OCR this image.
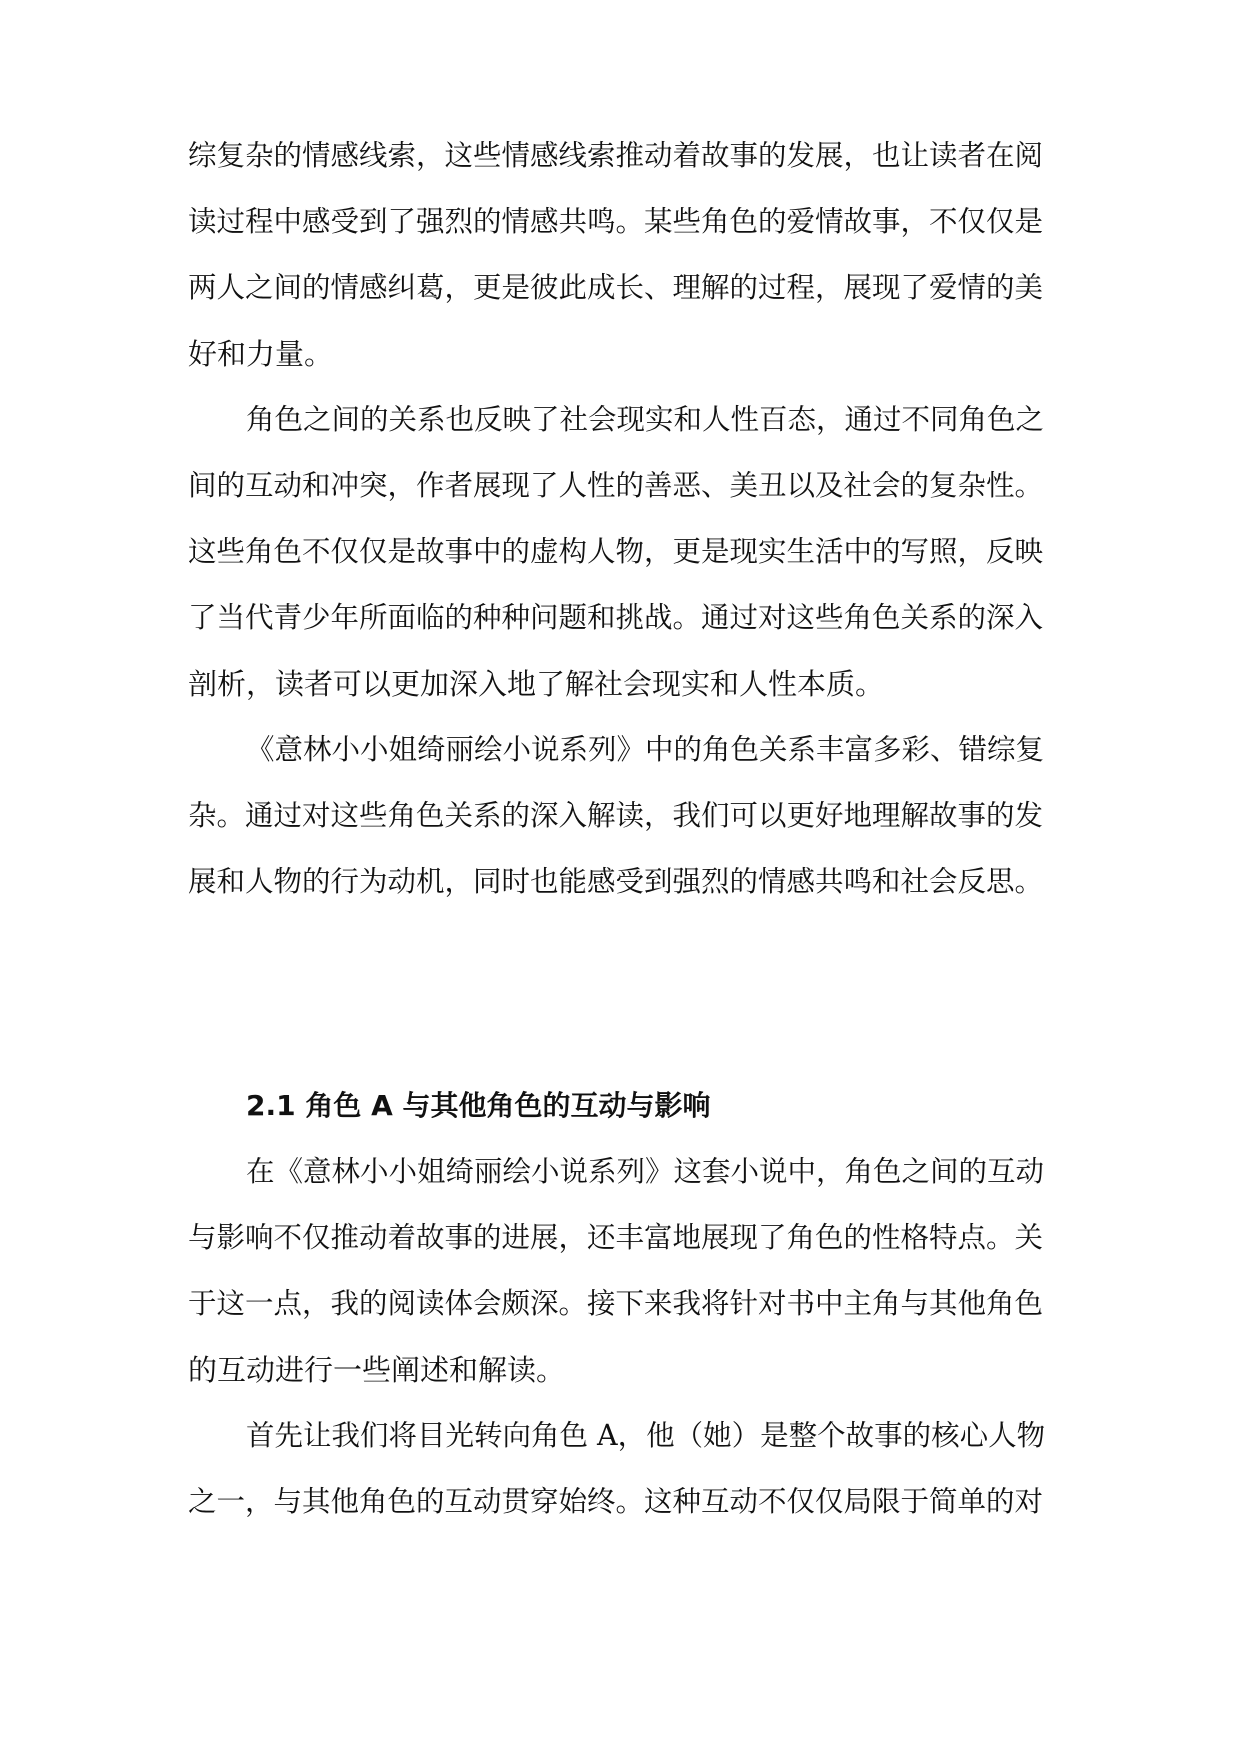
综复杂的情感线索，这些情感线索推动着故事的发展，也让读者在阅
读过程中感受到了强烈的情感共鸣。某些角色的爱情故事，不仅仅是
两人之间的情感纠葛，更是彼此成长、理解的过程，展现了爱情的美
好和力量。
角色之间的关系也反映了社会现实和人性百态，通过不同角色之
间的互动和冲突，作者展现了人性的善恶、美丑以及社会的复杂性。
这些角色不仅仅是故事中的虚构人物，更是现实生活中的写照，反映
了当代青少年所面临的种种问题和挑战。通过对这些角色关系的深入
剖析，读者可以更加深入地了解社会现实和人性本质。
《意林小小姐绮丽绘小说系列》中的角色关系丰富多彩、错综复
杂。通过对这些角色关系的深入解读，我们可以更好地理解故事的发
展和人物的行为动机，同时也能感受到强烈的情感共鸣和社会反思。
2.1 角色 A 与其他角色的互动与影响
在《意林小小姐绮丽绘小说系列》这套小说中，角色之间的互动
与影响不仅推动着故事的进展，还丰富地展现了角色的性格特点。关
于这一点，我的阅读体会颇深。接下来我将针对书中主角与其他角色
的互动进行一些阐述和解读。
首先让我们将目光转向角色 A，他（她）是整个故事的核心人物
之一，与其他角色的互动贯穿始终。这种互动不仅仅局限于简单的对
